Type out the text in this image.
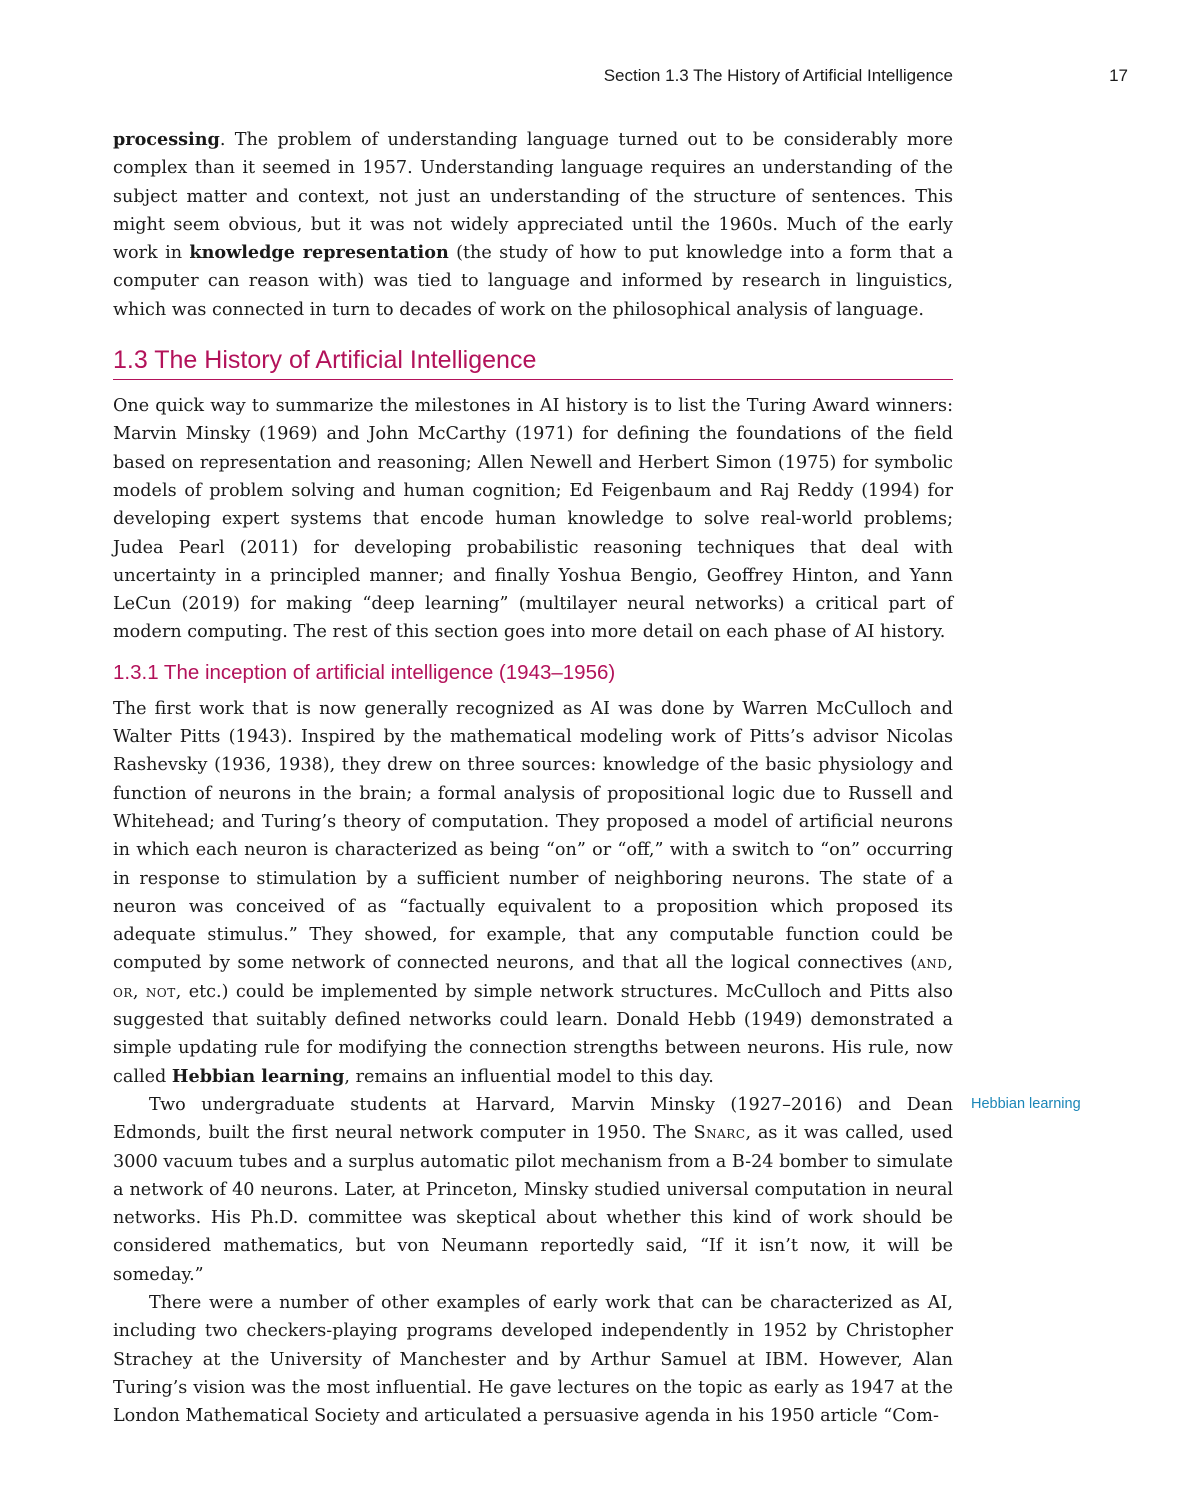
Section 1.3 The History of Artificial Intelligence	17

processing. The problem of understanding language turned out to be considerably more complex than it seemed in 1957. Understanding language requires an understanding of the subject matter and context, not just an understanding of the structure of sentences. This might seem obvious, but it was not widely appreciated until the 1960s. Much of the early work in knowledge representation (the study of how to put knowledge into a form that a computer can reason with) was tied to language and informed by research in linguistics, which was connected in turn to decades of work on the philosophical analysis of language.

1.3 The History of Artificial Intelligence

One quick way to summarize the milestones in AI history is to list the Turing Award winners: Marvin Minsky (1969) and John McCarthy (1971) for defining the foundations of the field based on representation and reasoning; Allen Newell and Herbert Simon (1975) for symbolic models of problem solving and human cognition; Ed Feigenbaum and Raj Reddy (1994) for developing expert systems that encode human knowledge to solve real-world problems; Judea Pearl (2011) for developing probabilistic reasoning techniques that deal with uncertainty in a principled manner; and finally Yoshua Bengio, Geoffrey Hinton, and Yann LeCun (2019) for making “deep learning” (multilayer neural networks) a critical part of modern computing. The rest of this section goes into more detail on each phase of AI history.

1.3.1 The inception of artificial intelligence (1943–1956)

The first work that is now generally recognized as AI was done by Warren McCulloch and Walter Pitts (1943). Inspired by the mathematical modeling work of Pitts’s advisor Nicolas Rashevsky (1936, 1938), they drew on three sources: knowledge of the basic physiology and function of neurons in the brain; a formal analysis of propositional logic due to Russell and Whitehead; and Turing’s theory of computation. They proposed a model of artificial neurons in which each neuron is characterized as being “on” or “off,” with a switch to “on” occurring in response to stimulation by a sufficient number of neighboring neurons. The state of a neuron was conceived of as “factually equivalent to a proposition which proposed its adequate stimulus.” They showed, for example, that any computable function could be computed by some network of connected neurons, and that all the logical connectives (and, or, not, etc.) could be implemented by simple network structures. McCulloch and Pitts also suggested that suitably defined networks could learn. Donald Hebb (1949) demonstrated a simple updating rule for modifying the connection strengths between neurons. His rule, now called Hebbian learning, remains an influential model to this day.

Two undergraduate students at Harvard, Marvin Minsky (1927–2016) and Dean Edmonds, built the first neural network computer in 1950. The Snarc, as it was called, used 3000 vacuum tubes and a surplus automatic pilot mechanism from a B-24 bomber to simulate a network of 40 neurons. Later, at Princeton, Minsky studied universal computation in neural networks. His Ph.D. committee was skeptical about whether this kind of work should be considered mathematics, but von Neumann reportedly said, “If it isn’t now, it will be someday.”

There were a number of other examples of early work that can be characterized as AI, including two checkers-playing programs developed independently in 1952 by Christopher Strachey at the University of Manchester and by Arthur Samuel at IBM. However, Alan Turing’s vision was the most influential. He gave lectures on the topic as early as 1947 at the London Mathematical Society and articulated a persuasive agenda in his 1950 article “Com-

Hebbian learning
